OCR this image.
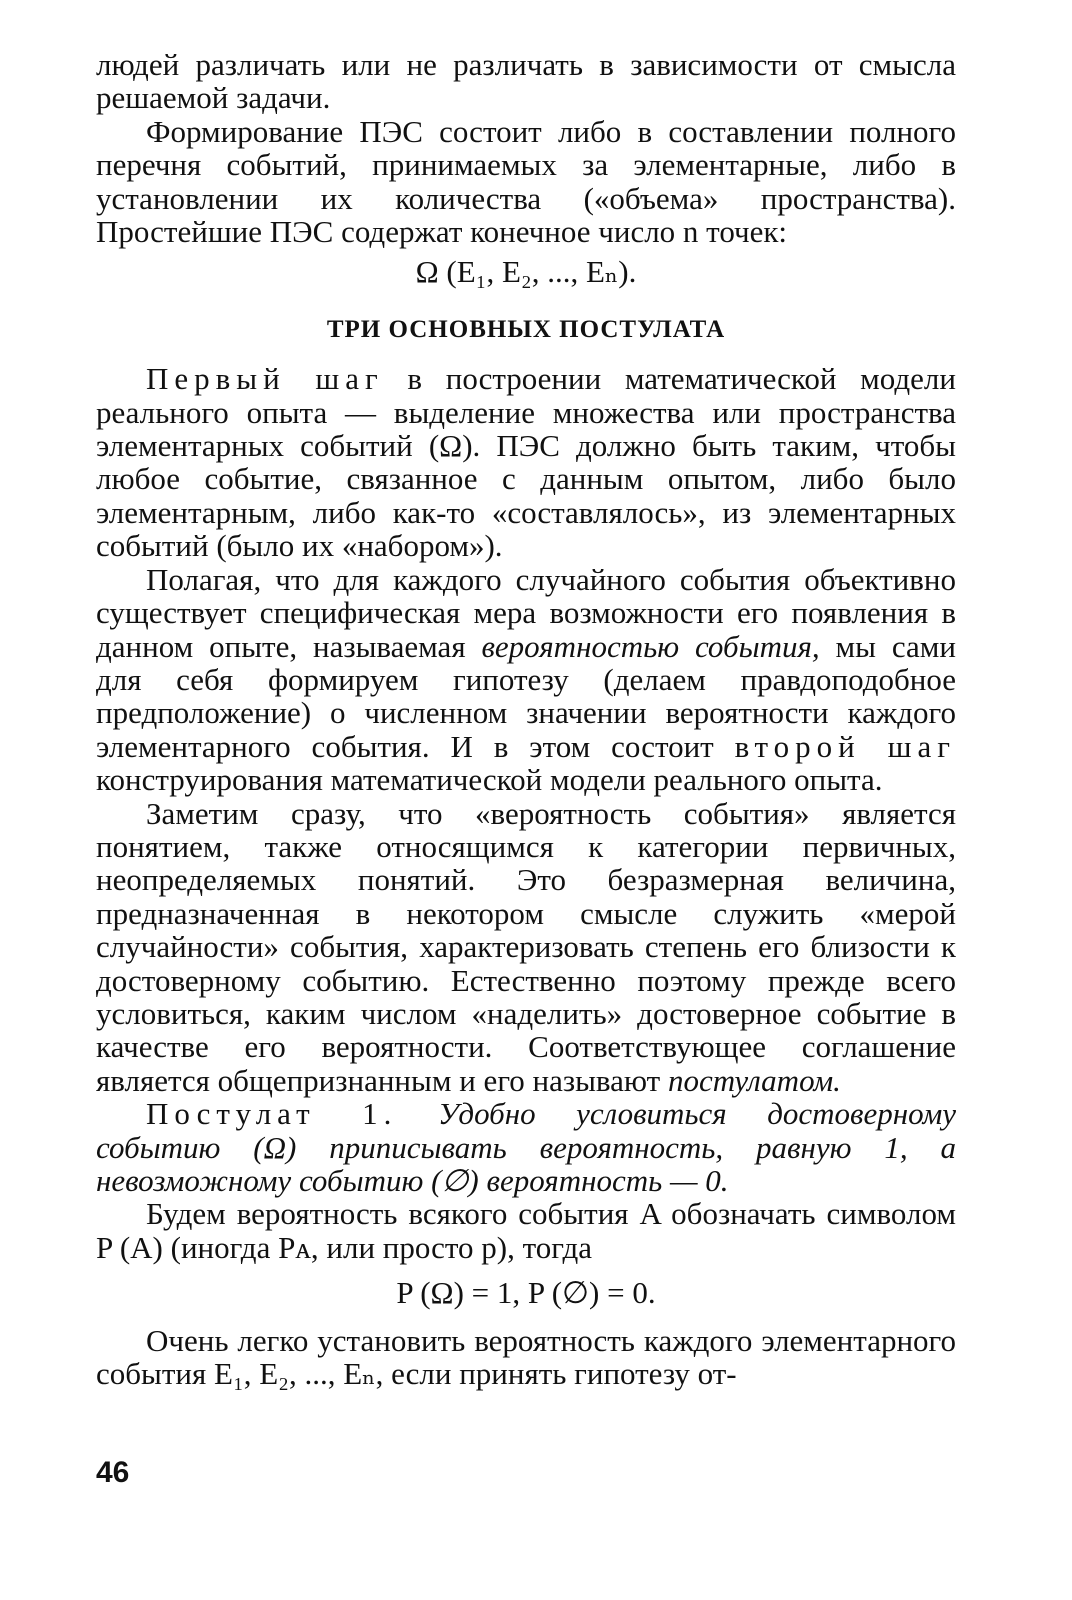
людей различать или не различать в зависимости от смысла решаемой задачи.

Формирование ПЭС состоит либо в составлении полного перечня событий, принимаемых за элементарные, либо в установлении их количества («объема» пространства). Простейшие ПЭС содержат конечное число n точек:

Ω (E₁, E₂, ..., Eₙ).

ТРИ ОСНОВНЫХ ПОСТУЛАТА

Первый шаг в построении математической модели реального опыта — выделение множества или пространства элементарных событий (Ω). ПЭС должно быть таким, чтобы любое событие, связанное с данным опытом, либо было элементарным, либо как-то «составлялось», из элементарных событий (было их «набором»).

Полагая, что для каждого случайного события объективно существует специфическая мера возможности его появления в данном опыте, называемая вероятностью события, мы сами для себя формируем гипотезу (делаем правдоподобное предположение) о численном значении вероятности каждого элементарного события. И в этом состоит второй шаг конструирования математической модели реального опыта.

Заметим сразу, что «вероятность события» является понятием, также относящимся к категории первичных, неопределяемых понятий. Это безразмерная величина, предназначенная в некотором смысле служить «мерой случайности» события, характеризовать степень его близости к достоверному событию. Естественно поэтому прежде всего условиться, каким числом «наделить» достоверное событие в качестве его вероятности. Соответствующее соглашение является общепризнанным и его называют постулатом.

Постулат 1. Удобно условиться достоверному событию (Ω) приписывать вероятность, равную 1, а невозможному событию (∅) вероятность — 0.

Будем вероятность всякого события A обозначать символом P (A) (иногда Pᴀ, или просто p), тогда

P (Ω) = 1, P (∅) = 0.

Очень легко установить вероятность каждого элементарного события E₁, E₂, ..., Eₙ, если принять гипотезу от-

46
